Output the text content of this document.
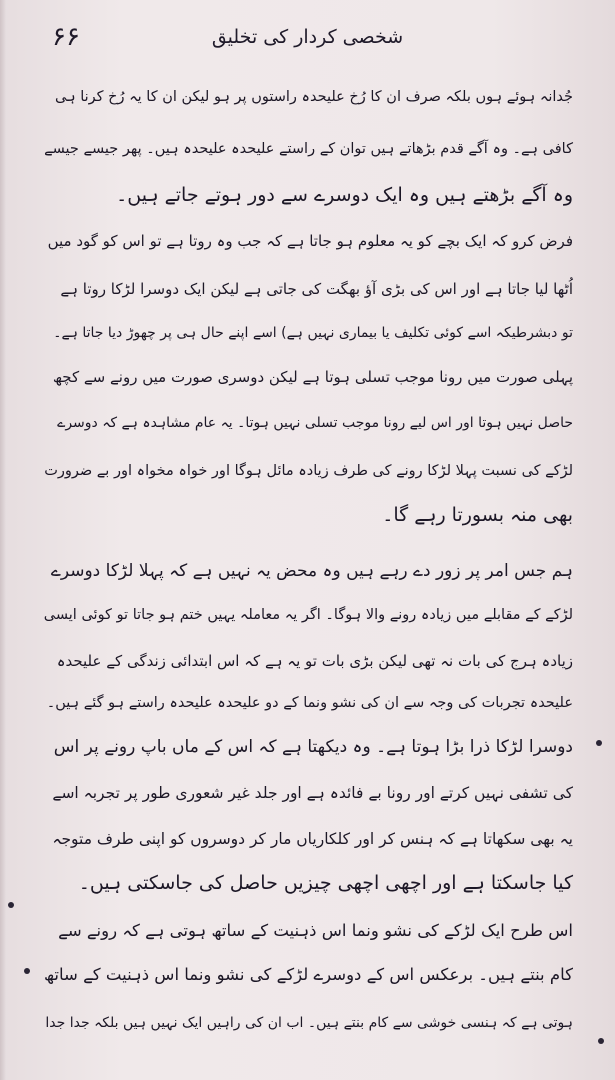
۶۶	شخصی کردار کی تخلیق
جُدانہ ہوئے ہوں بلکہ صرف ان کا رُخ علیحدہ راستوں پر ہو لیکن ان کا یہ رُخ کرنا ہی
کافی ہے۔ وہ آگے قدم بڑھاتے ہیں توان کے راستے علیحدہ علیحدہ ہیں۔ پھر جیسے جیسے
وہ آگے بڑھتے ہیں وہ ایک دوسرے سے دور ہوتے جاتے ہیں۔
فرض کرو کہ ایک بچے کو یہ معلوم ہو جاتا ہے کہ جب وہ روتا ہے تو اس کو گود میں
اُٹھا لیا جاتا ہے اور اس کی بڑی آؤ بھگت کی جاتی ہے لیکن ایک دوسرا لڑکا روتا ہے
تو دبشرطیکہ اسے کوئی تکلیف یا بیماری نہیں ہے) اسے اپنے حال ہی پر چھوڑ دیا جاتا ہے۔
پہلی صورت میں رونا موجب تسلی ہوتا ہے لیکن دوسری صورت میں رونے سے کچھ
حاصل نہیں ہوتا اور اس لیے رونا موجب تسلی نہیں ہوتا۔ یہ عام مشاہدہ ہے کہ دوسرے
لڑکے کی نسبت پہلا لڑکا رونے کی طرف زیادہ مائل ہوگا اور خواہ مخواہ اور بے ضرورت
بھی منہ بسورتا رہے گا۔
ہم جس امر پر زور دے رہے ہیں وہ محض یہ نہیں ہے کہ پہلا لڑکا دوسرے
لڑکے کے مقابلے میں زیادہ رونے والا ہوگا۔ اگر یہ معاملہ یہیں ختم ہو جاتا تو کوئی ایسی
زیادہ ہرج کی بات نہ تھی لیکن بڑی بات تو یہ ہے کہ اس ابتدائی زندگی کے علیحدہ
علیحدہ تجربات کی وجہ سے ان کی نشو ونما کے دو علیحدہ علیحدہ راستے ہو گئے ہیں۔
دوسرا لڑکا ذرا بڑا ہوتا ہے۔ وہ دیکھتا ہے کہ اس کے ماں باپ رونے پر اس
کی تشفی نہیں کرتے اور رونا بے فائدہ ہے اور جلد غیر شعوری طور پر تجربہ اسے
یہ بھی سکھاتا ہے کہ ہنس کر اور کلکاریاں مار کر دوسروں کو اپنی طرف متوجہ
کیا جاسکتا ہے اور اچھی اچھی چیزیں حاصل کی جاسکتی ہیں۔
اس طرح ایک لڑکے کی نشو ونما اس ذہنیت کے ساتھ ہوتی ہے کہ رونے سے
کام بنتے ہیں۔ برعکس اس کے دوسرے لڑکے کی نشو ونما اس ذہنیت کے ساتھ
ہوتی ہے کہ ہنسی خوشی سے کام بنتے ہیں۔ اب ان کی راہیں ایک نہیں ہیں بلکہ جدا جدا
